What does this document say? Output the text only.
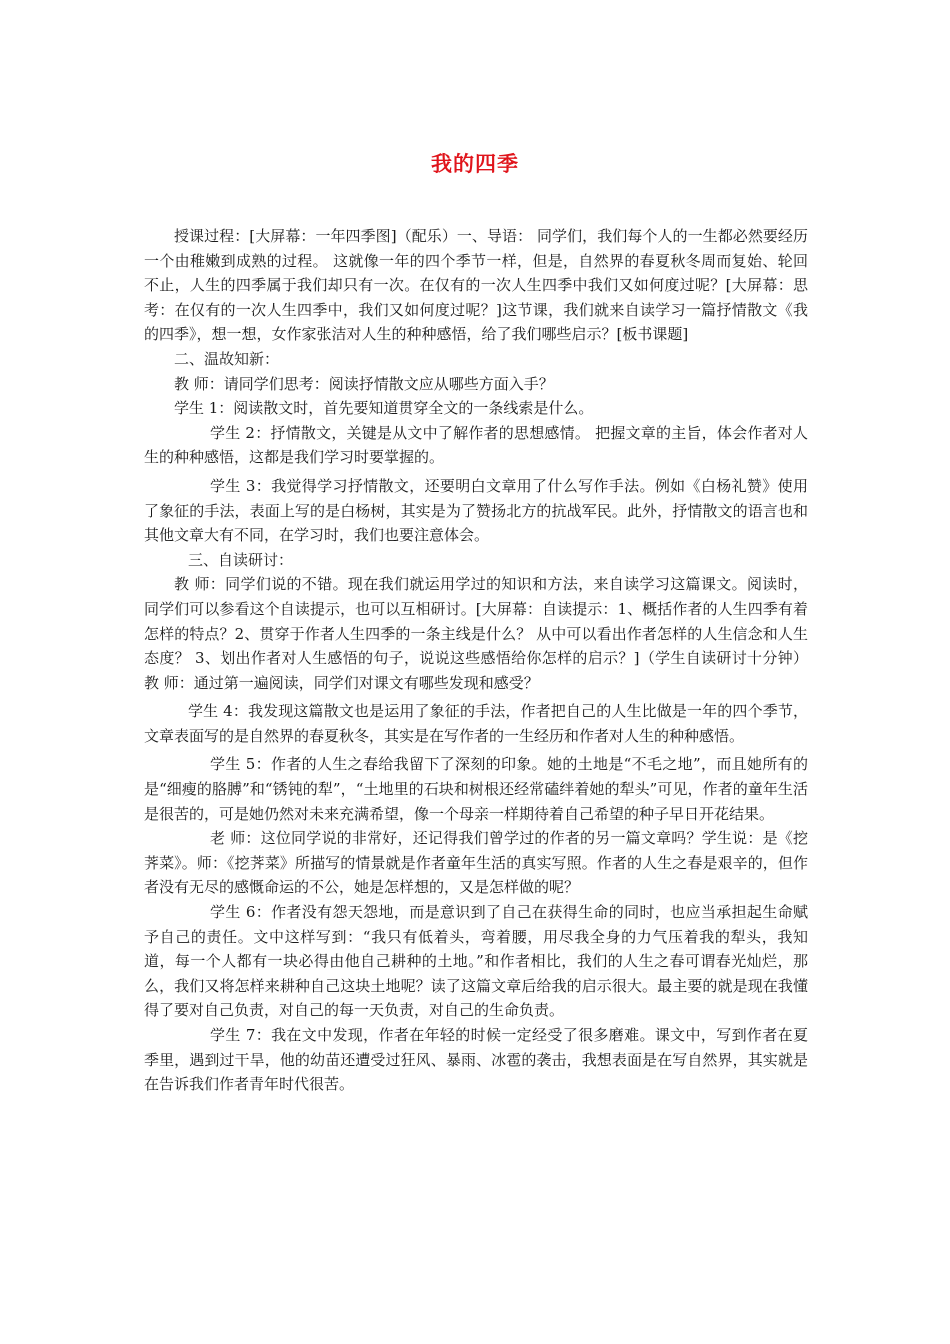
我的四季

授课过程：[大屏幕：一年四季图]（配乐）一、导语： 同学们，我们每个人的一生都必然要经历一个由稚嫩到成熟的过程。 这就像一年的四个季节一样，但是，自然界的春夏秋冬周而复始、轮回不止，人生的四季属于我们却只有一次。在仅有的一次人生四季中我们又如何度过呢？[大屏幕：思考：在仅有的一次人生四季中，我们又如何度过呢？]这节课，我们就来自读学习一篇抒情散文《我的四季》，想一想，女作家张洁对人生的种种感悟，给了我们哪些启示？[板书课题]

二、温故知新：

教 师：请同学们思考：阅读抒情散文应从哪些方面入手？

学生 1：阅读散文时，首先要知道贯穿全文的一条线索是什么。

学生 2：抒情散文，关键是从文中了解作者的思想感情。 把握文章的主旨，体会作者对人生的种种感悟，这都是我们学习时要掌握的。

学生 3：我觉得学习抒情散文，还要明白文章用了什么写作手法。例如《白杨礼赞》使用了象征的手法，表面上写的是白杨树，其实是为了赞扬北方的抗战军民。此外，抒情散文的语言也和其他文章大有不同，在学习时，我们也要注意体会。

三、自读研讨：

教 师：同学们说的不错。现在我们就运用学过的知识和方法，来自读学习这篇课文。阅读时，同学们可以参看这个自读提示，也可以互相研讨。[大屏幕：自读提示：1、概括作者的人生四季有着怎样的特点？2、贯穿于作者人生四季的一条主线是什么？ 从中可以看出作者怎样的人生信念和人生态度？ 3、划出作者对人生感悟的句子，说说这些感悟给你怎样的启示？]（学生自读研讨十分钟）教 师：通过第一遍阅读，同学们对课文有哪些发现和感受？

学生 4：我发现这篇散文也是运用了象征的手法，作者把自己的人生比做是一年的四个季节，文章表面写的是自然界的春夏秋冬，其实是在写作者的一生经历和作者对人生的种种感悟。

学生 5：作者的人生之春给我留下了深刻的印象。她的土地是“不毛之地”，而且她所有的是“细瘦的胳膊”和“锈钝的犁”，“土地里的石块和树根还经常磕绊着她的犁头”可见，作者的童年生活是很苦的，可是她仍然对未来充满希望，像一个母亲一样期待着自己希望的种子早日开花结果。

老 师：这位同学说的非常好，还记得我们曾学过的作者的另一篇文章吗？学生说：是《挖荠菜》。师：《挖荠菜》所描写的情景就是作者童年生活的真实写照。作者的人生之春是艰辛的，但作者没有无尽的感慨命运的不公，她是怎样想的，又是怎样做的呢？

学生 6：作者没有怨天怨地，而是意识到了自己在获得生命的同时，也应当承担起生命赋予自己的责任。文中这样写到：“我只有低着头，弯着腰，用尽我全身的力气压着我的犁头，我知道，每一个人都有一块必得由他自己耕种的土地。”和作者相比，我们的人生之春可谓春光灿烂，那么，我们又将怎样来耕种自己这块土地呢？读了这篇文章后给我的启示很大。最主要的就是现在我懂得了要对自己负责，对自己的每一天负责，对自己的生命负责。

学生 7：我在文中发现，作者在年轻的时候一定经受了很多磨难。课文中，写到作者在夏季里，遇到过干旱，他的幼苗还遭受过狂风、暴雨、冰雹的袭击，我想表面是在写自然界，其实就是在告诉我们作者青年时代很苦。
